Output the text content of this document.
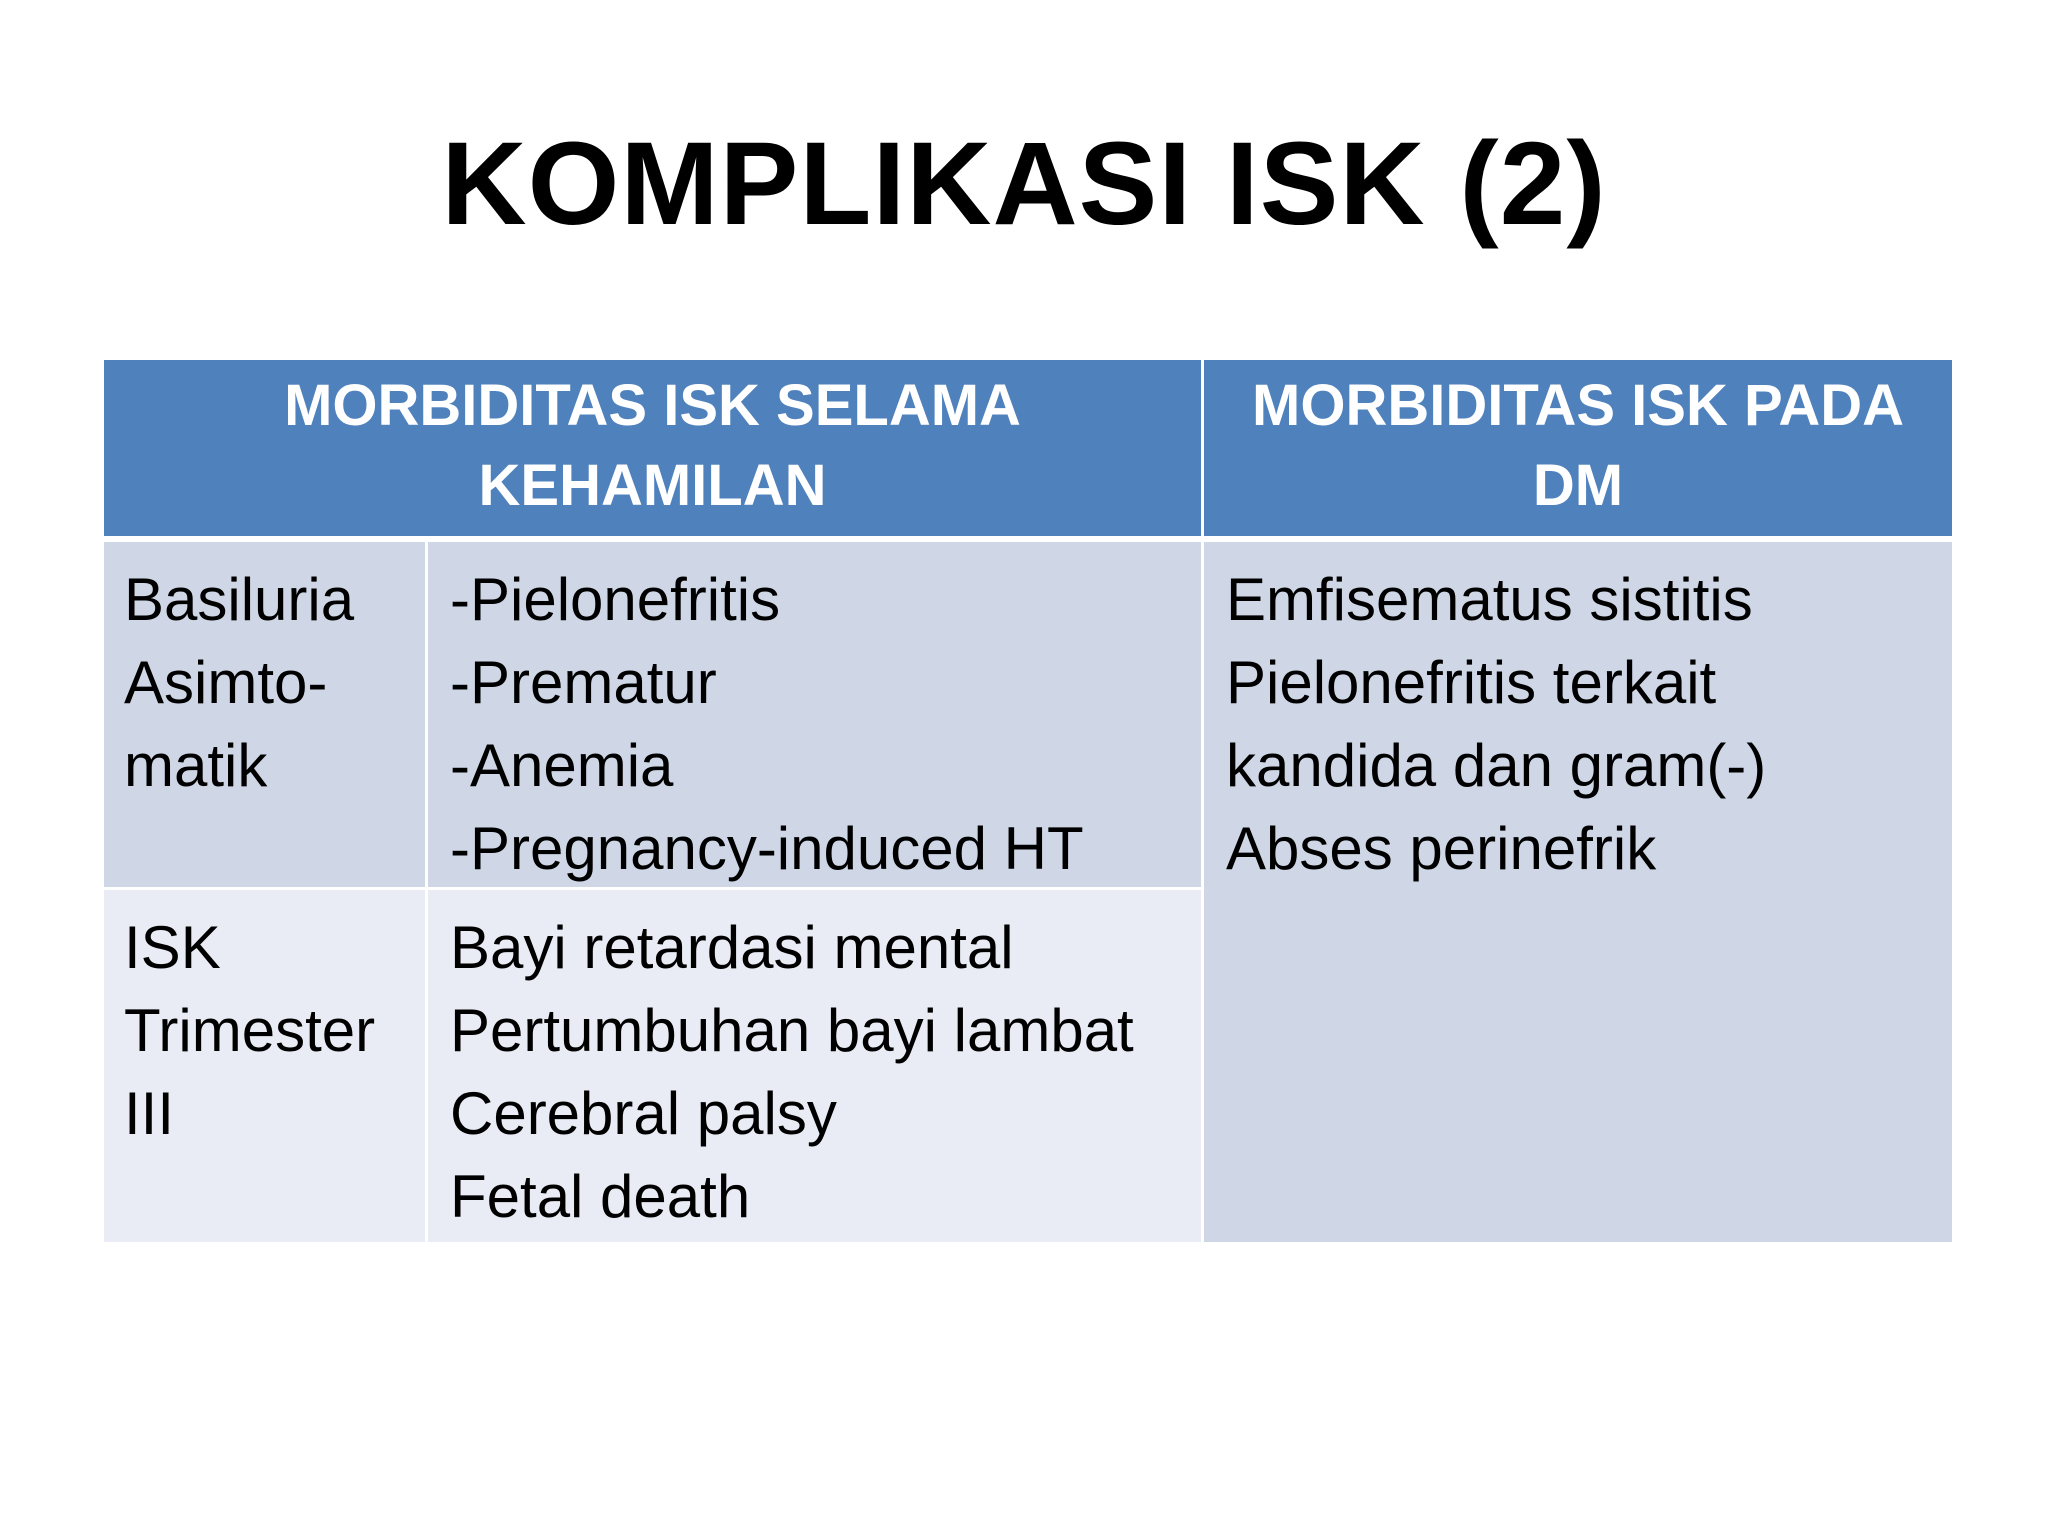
KOMPLIKASI ISK (2)
MORBIDITAS ISK SELAMA
KEHAMILAN
MORBIDITAS ISK PADA
DM
Basiluria
Asimto-
matik
-Pielonefritis
-Prematur
-Anemia
-Pregnancy-induced HT
ISK
Trimester
III
Bayi retardasi mental
Pertumbuhan bayi lambat
Cerebral palsy
Fetal death
Emfisematus sistitis
Pielonefritis terkait
kandida dan gram(-)
Abses perinefrik
